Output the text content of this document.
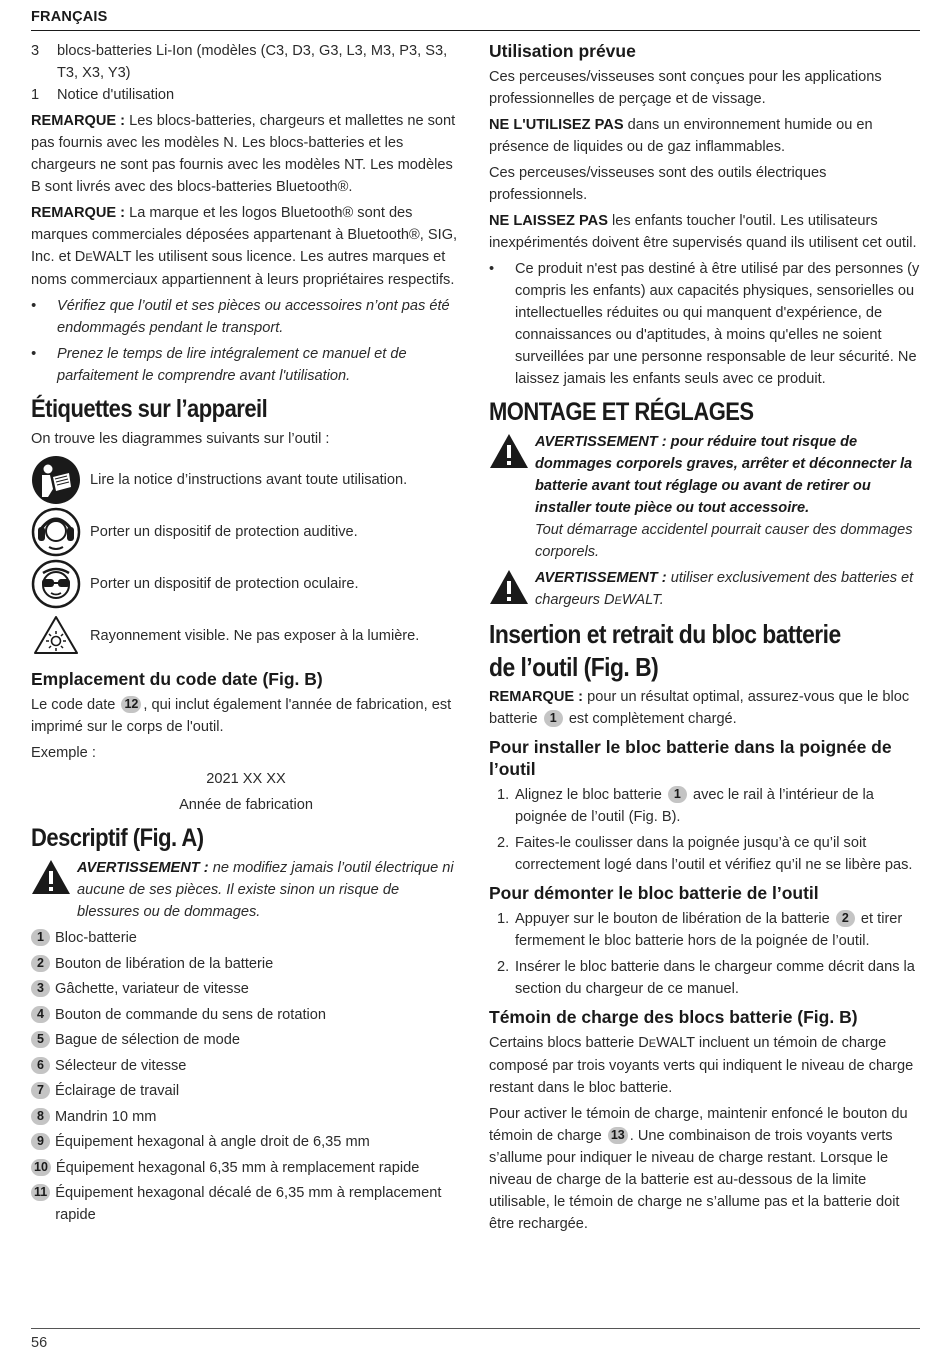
FRANÇAIS
3	blocs-batteries Li-Ion (modèles (C3, D3, G3, L3, M3, P3, S3, T3, X3, Y3)
1	Notice d'utilisation

REMARQUE : Les blocs-batteries, chargeurs et mallettes ne sont pas fournis avec les modèles N. Les blocs-batteries et les chargeurs ne sont pas fournis avec les modèles NT. Les modèles B sont livrés avec des blocs-batteries Bluetooth®.

REMARQUE : La marque et les logos Bluetooth® sont des marques commerciales déposées appartenant à Bluetooth®, SIG, Inc. et DEWALT les utilisent sous licence. Les autres marques et noms commerciaux appartiennent à leurs propriétaires respectifs.

•	Vérifiez que l’outil et ses pièces ou accessoires n’ont pas été endommagés pendant le transport.
•	Prenez le temps de lire intégralement ce manuel et de parfaitement le comprendre avant l'utilisation.
Étiquettes sur l’appareil

On trouve les diagrammes suivants sur l’outil :

Lire la notice d’instructions avant toute utilisation.
Porter un dispositif de protection auditive.
Porter un dispositif de protection oculaire.
Rayonnement visible. Ne pas exposer à la lumière.
Emplacement du code date (Fig. B)

Le code date 12 , qui inclut également l'année de fabrication, est imprimé sur le corps de l'outil.

Exemple :

2021 XX XX

Année de fabrication

Descriptif (Fig. A)
AVERTISSEMENT : ne modifiez jamais l’outil électrique ni aucune de ses pièces. Il existe sinon un risque de blessures ou de dommages.
1 Bloc-batterie
2 Bouton de libération de la batterie
3 Gâchette, variateur de vitesse
4 Bouton de commande du sens de rotation
5 Bague de sélection de mode
6 Sélecteur de vitesse
7 Éclairage de travail
8 Mandrin 10 mm
9 Équipement hexagonal à angle droit de 6,35 mm
10 Équipement hexagonal 6,35 mm à remplacement rapide
11 Équipement hexagonal décalé de 6,35 mm à remplacement rapide
Utilisation prévue

Ces perceuses/visseuses sont conçues pour les applications professionnelles de perçage et de vissage.

NE L'UTILISEZ PAS dans un environnement humide ou en présence de liquides ou de gaz inflammables.

Ces perceuses/visseuses sont des outils électriques professionnels.

NE LAISSEZ PAS les enfants toucher l'outil. Les utilisateurs inexpérimentés doivent être supervisés quand ils utilisent cet outil.

•	Ce produit n'est pas destiné à être utilisé par des personnes (y compris les enfants) aux capacités physiques, sensorielles ou intellectuelles réduites ou qui manquent d'expérience, de connaissances ou d'aptitudes, à moins qu'elles ne soient surveillées par une personne responsable de leur sécurité. Ne laissez jamais les enfants seuls avec ce produit.
MONTAGE ET RÉGLAGES
AVERTISSEMENT : pour réduire tout risque de dommages corporels graves, arrêter et déconnecter la batterie avant tout réglage ou avant de retirer ou installer toute pièce ou tout accessoire.
Tout démarrage accidentel pourrait causer des dommages corporels.
AVERTISSEMENT : utiliser exclusivement des batteries et chargeurs DEWALT.
Insertion et retrait du bloc batterie de l’outil (Fig. B)

REMARQUE : pour un résultat optimal, assurez-vous que le bloc batterie 1 est complètement chargé.

Pour installer le bloc batterie dans la poignée de l’outil
1. Alignez le bloc batterie 1 avec le rail à l’intérieur de la poignée de l’outil (Fig. B).
2. Faites-le coulisser dans la poignée jusqu’à ce qu’il soit correctement logé dans l’outil et vérifiez qu’il ne se libère pas.
Pour démonter le bloc batterie de l’outil
1. Appuyer sur le bouton de libération de la batterie 2 et tirer fermement le bloc batterie hors de la poignée de l’outil.
2. Insérer le bloc batterie dans le chargeur comme décrit dans la section du chargeur de ce manuel.
Témoin de charge des blocs batterie (Fig. B)

Certains blocs batterie DEWALT incluent un témoin de charge composé par trois voyants verts qui indiquent le niveau de charge restant dans le bloc batterie.

Pour activer le témoin de charge, maintenir enfoncé le bouton du témoin de charge 13 . Une combinaison de trois voyants verts s’allume pour indiquer le niveau de charge restant. Lorsque le niveau de charge de la batterie est au-dessous de la limite utilisable, le témoin de charge ne s’allume pas et la batterie doit être rechargée.

56
